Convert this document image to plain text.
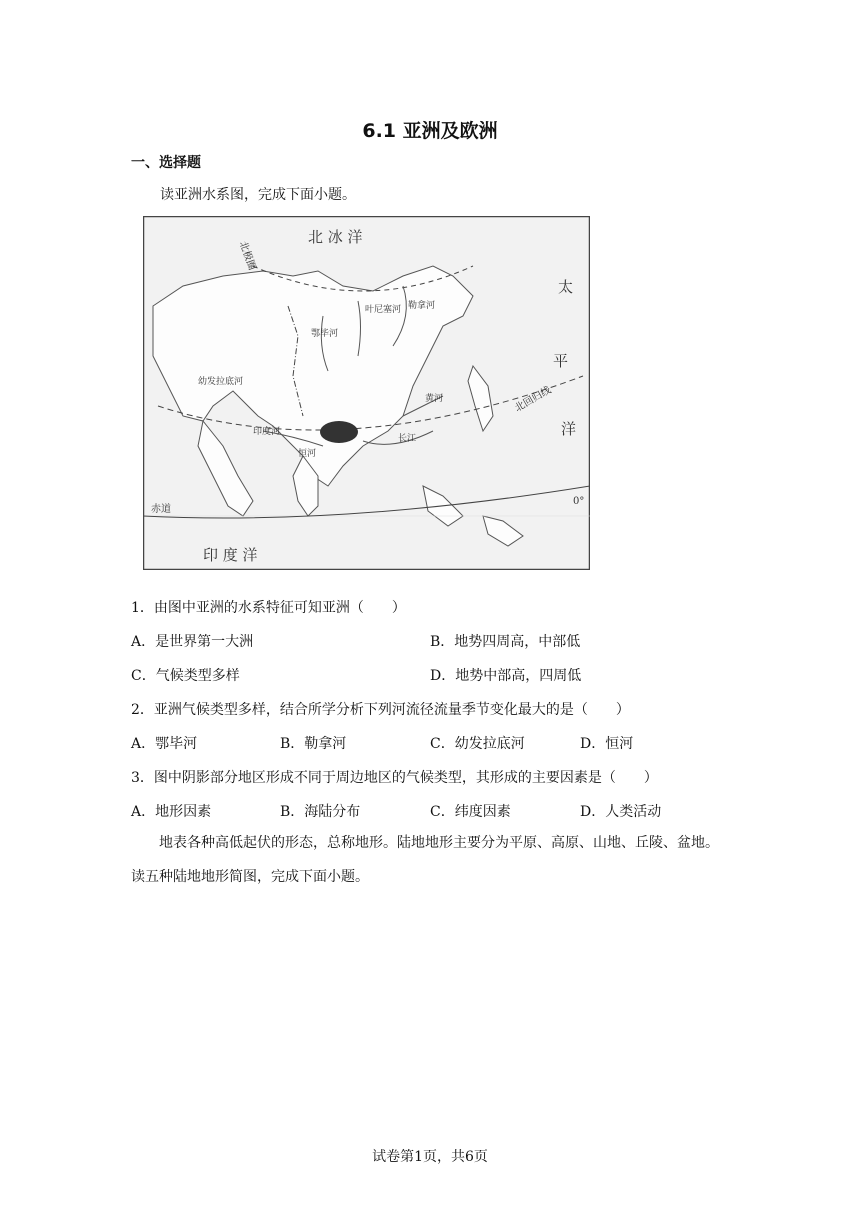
6.1 亚洲及欧洲
一、选择题
读亚洲水系图，完成下面小题。
北 冰 洋
太
平
洋
印 度 洋
北极圈
北回归线
赤道
0°
叶尼塞河
鄂毕河
勒拿河
幼发拉底河
印度河
恒河
黄河
长江
1．由图中亚洲的水系特征可知亚洲（　　）
A．是世界第一大洲	B．地势四周高，中部低
C．气候类型多样	D．地势中部高，四周低
2．亚洲气候类型多样，结合所学分析下列河流径流量季节变化最大的是（　　）
A．鄂毕河	B．勒拿河	C．幼发拉底河	D．恒河
3．图中阴影部分地区形成不同于周边地区的气候类型，其形成的主要因素是（　　）
A．地形因素	B．海陆分布	C．纬度因素	D．人类活动
地表各种高低起伏的形态，总称地形。陆地地形主要分为平原、高原、山地、丘陵、盆地。读五种陆地地形简图，完成下面小题。
试卷第1页，共6页
